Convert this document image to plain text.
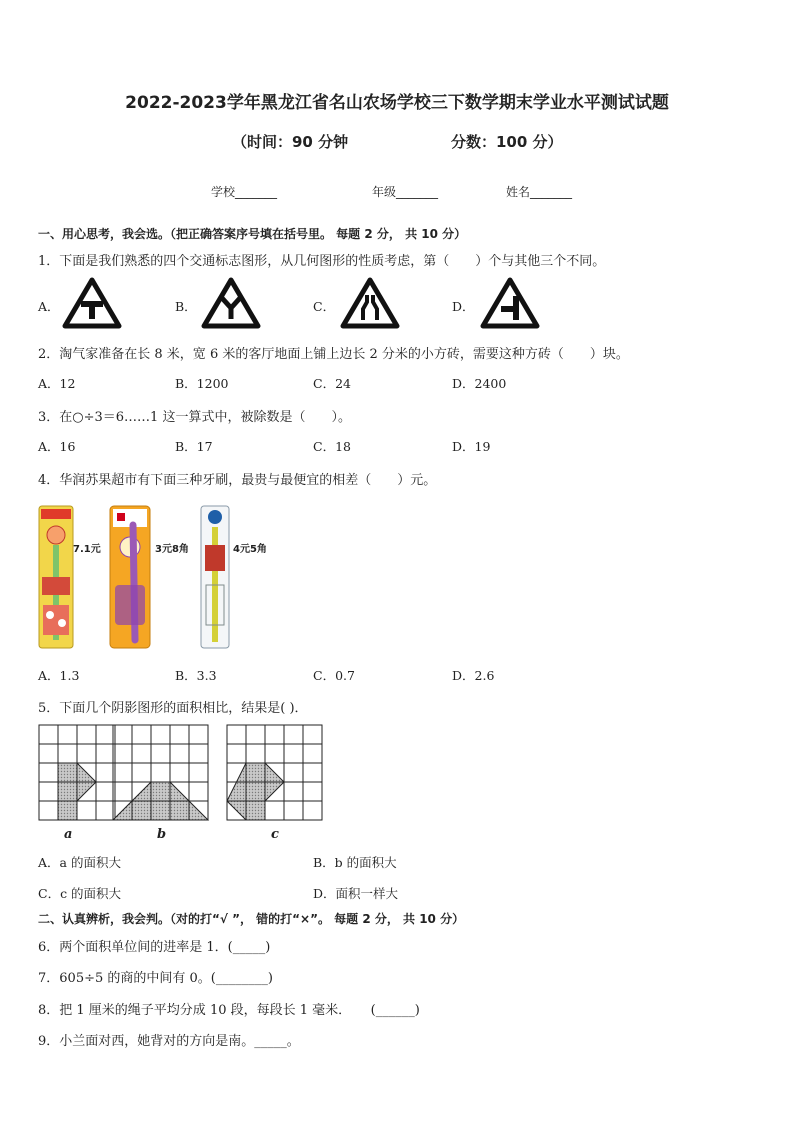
2022-2023学年黑龙江省名山农场学校三下数学期末学业水平测试试题
（时间：90 分钟	分数：100 分）
学校_______	年级_______	姓名_______
一、用心思考，我会选。（把正确答案序号填在括号里。 每题 2 分， 共 10 分）
1．下面是我们熟悉的四个交通标志图形，从几何图形的性质考虑，第（　　）个与其他三个不同。
A．	B．	C．	D．
2．淘气家准备在长 8 米，宽 6 米的客厅地面上铺上边长 2 分米的小方砖，需要这种方砖（　　）块。
A．12	B．1200	C．24	D．2400
3．在○÷3＝6……1 这一算式中，被除数是（　　）。
A．16	B．17	C．18	D．19
4．华润苏果超市有下面三种牙刷，最贵与最便宜的相差（　　）元。
7.1元	3元8角	4元5角
A．1.3	B．3.3	C．0.7	D．2.6
5．下面几个阴影图形的面积相比，结果是( )．
a	b	c
A．a 的面积大	B．b 的面积大
C．c 的面积大	D．面积一样大
二、认真辨析，我会判。（对的打“√ ”， 错的打“×”。 每题 2 分， 共 10 分）
6．两个面积单位间的进率是 1．(_____)
7．605÷5 的商的中间有 0。(________)
8．把 1 厘米的绳子平均分成 10 段，每段长 1 毫米．　　(______)
9．小兰面对西，她背对的方向是南。_____。
